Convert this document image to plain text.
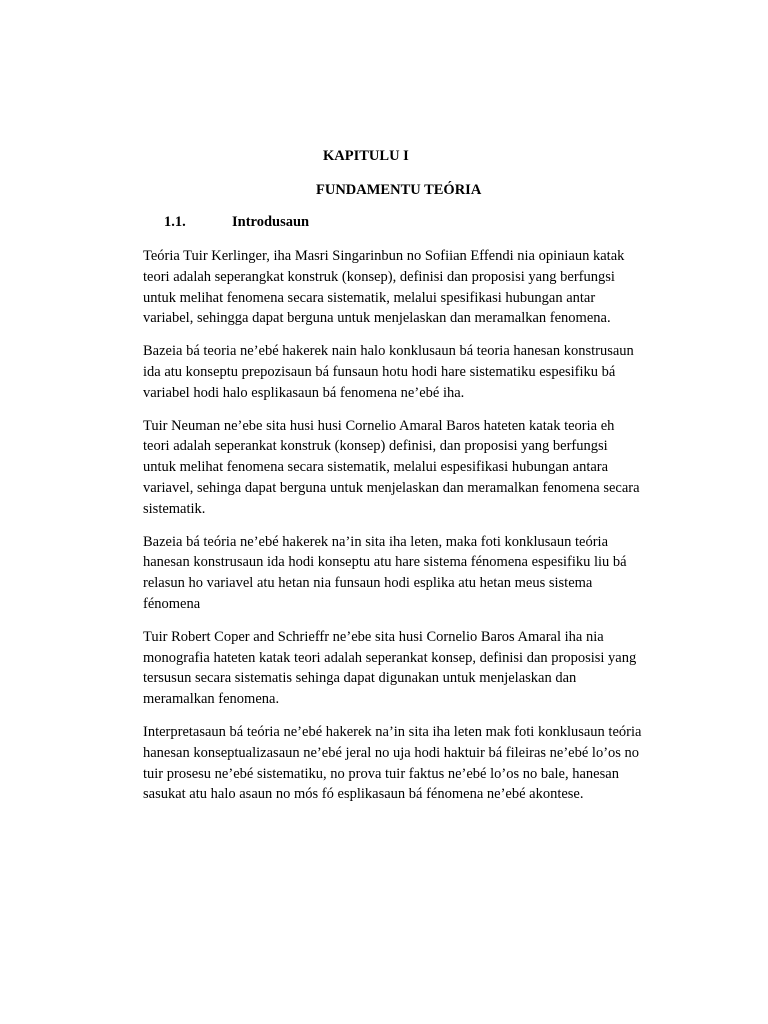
KAPITULU I
FUNDAMENTU TEÓRIA
1.1.	Introdusaun

Teória Tuir Kerlinger, iha Masri Singarinbun no Sofiian Effendi nia opiniaun katak
teori adalah seperangkat konstruk (konsep), definisi dan proposisi yang berfungsi
untuk melihat fenomena secara sistematik, melalui spesifikasi hubungan antar
variabel, sehingga dapat berguna untuk menjelaskan dan meramalkan fenomena.

Bazeia bá teoria ne’ebé hakerek nain halo konklusaun bá teoria hanesan konstrusaun
ida atu konseptu prepozisaun bá funsaun hotu hodi hare sistematiku espesifiku bá
variabel hodi halo esplikasaun bá fenomena ne’ebé iha.

Tuir Neuman ne’ebe sita husi husi Cornelio Amaral Baros hateten katak teoria eh
teori adalah seperankat konstruk (konsep) definisi, dan proposisi yang berfungsi
untuk melihat fenomena secara sistematik, melalui espesifikasi hubungan antara
variavel, sehinga dapat berguna untuk menjelaskan dan meramalkan fenomena secara
sistematik.

Bazeia bá teória ne’ebé hakerek na’in sita iha leten, maka foti konklusaun teória
hanesan konstrusaun ida hodi konseptu atu hare sistema fénomena espesifiku liu bá
relasun ho variavel atu hetan nia funsaun hodi esplika atu hetan meus sistema
fénomena

Tuir Robert Coper and Schrieffr ne’ebe sita husi Cornelio Baros Amaral iha nia
monografia hateten katak teori adalah seperankat konsep, definisi dan proposisi yang
tersusun secara sistematis sehinga dapat digunakan untuk menjelaskan dan
meramalkan fenomena.

Interpretasaun bá teória ne’ebé hakerek na’in sita iha leten mak foti konklusaun teória
hanesan konseptualizasaun ne’ebé jeral no uja hodi haktuir bá fileiras ne’ebé lo’os no
tuir prosesu ne’ebé sistematiku, no prova tuir faktus ne’ebé lo’os no bale, hanesan
sasukat atu halo asaun no mós fó esplikasaun bá fénomena ne’ebé akontese.
